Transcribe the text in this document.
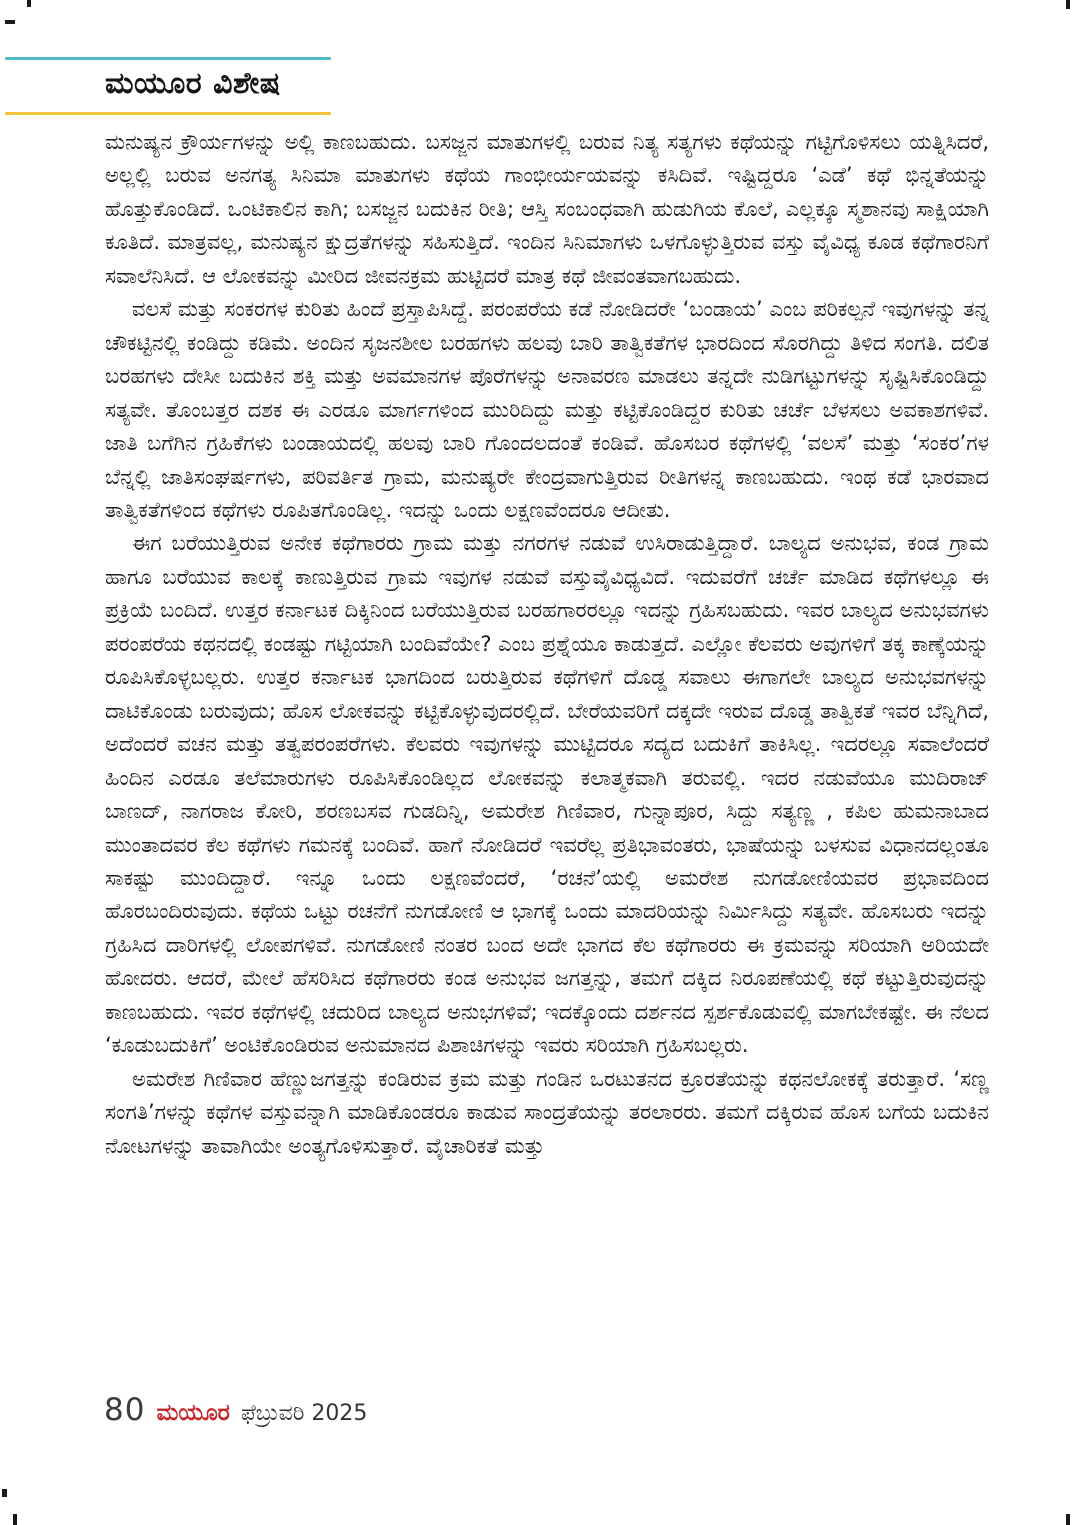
ಮಯೂರ ವಿಶೇಷ

ಮನುಷ್ಯನ ಕ್ರೌರ್ಯಗಳನ್ನು ಅಲ್ಲಿ ಕಾಣಬಹುದು. ಬಸಜ್ಜನ ಮಾತುಗಳಲ್ಲಿ ಬರುವ ನಿತ್ಯ ಸತ್ಯಗಳು ಕಥೆಯನ್ನು ಗಟ್ಟಿಗೊಳಿಸಲು ಯತ್ನಿಸಿದರೆ, ಅಲ್ಲಲ್ಲಿ ಬರುವ ಅನಗತ್ಯ ಸಿನಿಮಾ ಮಾತುಗಳು ಕಥೆಯ ಗಾಂಭೀರ್ಯಯವನ್ನು ಕಸಿದಿವೆ. ಇಷ್ಟಿದ್ದರೂ ‘ಎಡೆ’ ಕಥೆ ಭಿನ್ನತೆಯನ್ನು ಹೊತ್ತುಕೊಂಡಿದೆ. ಒಂಟಿಕಾಲಿನ ಕಾಗಿ; ಬಸಜ್ಜನ ಬದುಕಿನ ರೀತಿ; ಆಸ್ತಿ ಸಂಬಂಧವಾಗಿ ಹುಡುಗಿಯ ಕೊಲೆ, ಎಲ್ಲಕ್ಕೂ ಸ್ಮಶಾನವು ಸಾಕ್ಷಿಯಾಗಿ ಕೂತಿದೆ. ಮಾತ್ರವಲ್ಲ, ಮನುಷ್ಯನ ಕ್ಷುದ್ರತೆಗಳನ್ನು ಸಹಿಸುತ್ತಿದೆ. ಇಂದಿನ ಸಿನಿಮಾಗಳು ಒಳಗೊಳ್ಳುತ್ತಿರುವ ವಸ್ತು ವೈವಿಧ್ಯ ಕೂಡ ಕಥೆಗಾರನಿಗೆ ಸವಾಲೆನಿಸಿದೆ. ಆ ಲೋಕವನ್ನು ಮೀರಿದ ಜೀವನಕ್ರಮ ಹುಟ್ಟಿದರೆ ಮಾತ್ರ ಕಥೆ ಜೀವಂತವಾಗಬಹುದು.

ವಲಸೆ ಮತ್ತು ಸಂಕರಗಳ ಕುರಿತು ಹಿಂದೆ ಪ್ರಸ್ತಾಪಿಸಿದ್ದೆ. ಪರಂಪರೆಯ ಕಡೆ ನೋಡಿದರೇ ‘ಬಂಡಾಯ’ ಎಂಬ ಪರಿಕಲ್ಪನೆ ಇವುಗಳನ್ನು ತನ್ನ ಚೌಕಟ್ಟಿನಲ್ಲಿ ಕಂಡಿದ್ದು ಕಡಿಮೆ. ಅಂದಿನ ಸೃಜನಶೀಲ ಬರಹಗಳು ಹಲವು ಬಾರಿ ತಾತ್ವಿಕತೆಗಳ ಭಾರದಿಂದ ಸೊರಗಿದ್ದು ತಿಳಿದ ಸಂಗತಿ. ದಲಿತ ಬರಹಗಳು ದೇಸೀ ಬದುಕಿನ ಶಕ್ತಿ ಮತ್ತು ಅವಮಾನಗಳ ಪೊರೆಗಳನ್ನು ಅನಾವರಣ ಮಾಡಲು ತನ್ನದೇ ನುಡಿಗಟ್ಟುಗಳನ್ನು ಸೃಷ್ಟಿಸಿಕೊಂಡಿದ್ದು ಸತ್ಯವೇ. ತೊಂಬತ್ತರ ದಶಕ ಈ ಎರಡೂ ಮಾರ್ಗಗಳಿಂದ ಮುರಿದಿದ್ದು ಮತ್ತು ಕಟ್ಟಿಕೊಂಡಿದ್ದರ ಕುರಿತು ಚರ್ಚೆ ಬೆಳಸಲು ಅವಕಾಶಗಳಿವೆ. ಜಾತಿ ಬಗೆಗಿನ ಗ್ರಹಿಕೆಗಳು ಬಂಡಾಯದಲ್ಲಿ ಹಲವು ಬಾರಿ ಗೊಂದಲದಂತೆ ಕಂಡಿವೆ. ಹೊಸಬರ ಕಥೆಗಳಲ್ಲಿ ‘ವಲಸೆ’ ಮತ್ತು ‘ಸಂಕರ’ಗಳ ಬೆನ್ನಲ್ಲಿ ಜಾತಿಸಂಘರ್ಷಗಳು, ಪರಿವರ್ತಿತ ಗ್ರಾಮ, ಮನುಷ್ಯರೇ ಕೇಂದ್ರವಾಗುತ್ತಿರುವ ರೀತಿಗಳನ್ನ ಕಾಣಬಹುದು. ಇಂಥ ಕಡೆ ಭಾರವಾದ ತಾತ್ವಿಕತೆಗಳಿಂದ ಕಥೆಗಳು ರೂಪಿತಗೊಂಡಿಲ್ಲ. ಇದನ್ನು ಒಂದು ಲಕ್ಷಣವೆಂದರೂ ಆದೀತು.

ಈಗ ಬರೆಯುತ್ತಿರುವ ಅನೇಕ ಕಥೆಗಾರರು ಗ್ರಾಮ ಮತ್ತು ನಗರಗಳ ನಡುವೆ ಉಸಿರಾಡುತ್ತಿದ್ದಾರೆ. ಬಾಲ್ಯದ ಅನುಭವ, ಕಂಡ ಗ್ರಾಮ ಹಾಗೂ ಬರೆಯುವ ಕಾಲಕ್ಕೆ ಕಾಣುತ್ತಿರುವ ಗ್ರಾಮ ಇವುಗಳ ನಡುವೆ ವಸ್ತುವೈವಿಧ್ಯವಿದೆ. ಇದುವರೆಗೆ ಚರ್ಚೆ ಮಾಡಿದ ಕಥೆಗಳಲ್ಲೂ ಈ ಪ್ರಕ್ರಿಯೆ ಬಂದಿದೆ. ಉತ್ತರ ಕರ್ನಾಟಕ ದಿಕ್ಕಿನಿಂದ ಬರೆಯುತ್ತಿರುವ ಬರಹಗಾರರಲ್ಲೂ ಇದನ್ನು ಗ್ರಹಿಸಬಹುದು. ಇವರ ಬಾಲ್ಯದ ಅನುಭವಗಳು ಪರಂಪರೆಯ ಕಥನದಲ್ಲಿ ಕಂಡಷ್ಟು ಗಟ್ಟಿಯಾಗಿ ಬಂದಿವೆಯೇ? ಎಂಬ ಪ್ರಶ್ನೆಯೂ ಕಾಡುತ್ತದೆ. ಎಲ್ಲೋ ಕೆಲವರು ಅವುಗಳಿಗೆ ತಕ್ಕ ಕಾಣ್ಕೆಯನ್ನು ರೂಪಿಸಿಕೊಳ್ಳಬಲ್ಲರು. ಉತ್ತರ ಕರ್ನಾಟಕ ಭಾಗದಿಂದ ಬರುತ್ತಿರುವ ಕಥೆಗಳಿಗೆ ದೊಡ್ಡ ಸವಾಲು ಈಗಾಗಲೇ ಬಾಲ್ಯದ ಅನುಭವಗಳನ್ನು ದಾಟಿಕೊಂಡು ಬರುವುದು; ಹೊಸ ಲೋಕವನ್ನು ಕಟ್ಟಿಕೊಳ್ಳುವುದರಲ್ಲಿದೆ. ಬೇರೆಯವರಿಗೆ ದಕ್ಕದೇ ಇರುವ ದೊಡ್ಡ ತಾತ್ವಿಕತೆ ಇವರ ಬೆನ್ನಿಗಿದೆ, ಅದೆಂದರೆ ವಚನ ಮತ್ತು ತತ್ವಪರಂಪರೆಗಳು. ಕೆಲವರು ಇವುಗಳನ್ನು ಮುಟ್ಟಿದರೂ ಸದ್ಯದ ಬದುಕಿಗೆ ತಾಕಿಸಿಲ್ಲ. ಇದರಲ್ಲೂ ಸವಾಲೆಂದರೆ ಹಿಂದಿನ ಎರಡೂ ತಲೆಮಾರುಗಳು ರೂಪಿಸಿಕೊಂಡಿಲ್ಲದ ಲೋಕವನ್ನು ಕಲಾತ್ಮಕವಾಗಿ ತರುವಲ್ಲಿ. ಇದರ ನಡುವೆಯೂ ಮುದಿರಾಜ್ ಬಾಣದ್, ನಾಗರಾಜ ಕೋರಿ, ಶರಣಬಸವ ಗುಡದಿನ್ನಿ, ಅಮರೇಶ ಗಿಣಿವಾರ, ಗುನ್ನಾಪೂರ, ಸಿದ್ದು ಸತ್ಯಣ್ಣ , ಕಪಿಲ ಹುಮನಾಬಾದ ಮುಂತಾದವರ ಕೆಲ ಕಥೆಗಳು ಗಮನಕ್ಕೆ ಬಂದಿವೆ. ಹಾಗೆ ನೋಡಿದರೆ ಇವರೆಲ್ಲ ಪ್ರತಿಭಾವಂತರು, ಭಾಷೆಯನ್ನು ಬಳಸುವ ವಿಧಾನದಲ್ಲಂತೂ ಸಾಕಷ್ಟು ಮುಂದಿದ್ದಾರೆ. ಇನ್ನೂ ಒಂದು ಲಕ್ಷಣವೆಂದರೆ, ‘ರಚನೆ’ಯಲ್ಲಿ ಅಮರೇಶ ನುಗಡೋಣಿಯವರ ಪ್ರಭಾವದಿಂದ ಹೊರಬಂದಿರುವುದು. ಕಥೆಯ ಒಟ್ಟು ರಚನೆಗೆ ನುಗಡೋಣಿ ಆ ಭಾಗಕ್ಕೆ ಒಂದು ಮಾದರಿಯನ್ನು ನಿರ್ಮಿಸಿದ್ದು ಸತ್ಯವೇ. ಹೊಸಬರು ಇದನ್ನು ಗ್ರಹಿಸಿದ ದಾರಿಗಳಲ್ಲಿ ಲೋಪಗಳಿವೆ. ನುಗಡೋಣಿ ನಂತರ ಬಂದ ಅದೇ ಭಾಗದ ಕೆಲ ಕಥೆಗಾರರು ಈ ಕ್ರಮವನ್ನು ಸರಿಯಾಗಿ ಅರಿಯದೇ ಹೋದರು. ಆದರೆ, ಮೇಲೆ ಹೆಸರಿಸಿದ ಕಥೆಗಾರರು ಕಂಡ ಅನುಭವ ಜಗತ್ತನ್ನು, ತಮಗೆ ದಕ್ಕಿದ ನಿರೂಪಣೆಯಲ್ಲಿ ಕಥೆ ಕಟ್ಟುತ್ತಿರುವುದನ್ನು ಕಾಣಬಹುದು. ಇವರ ಕಥೆಗಳಲ್ಲಿ ಚದುರಿದ ಬಾಲ್ಯದ ಅನುಭಗಳಿವೆ; ಇದಕ್ಕೊಂದು ದರ್ಶನದ ಸ್ಪರ್ಶಕೊಡುವಲ್ಲಿ ಮಾಗಬೇಕಷ್ಟೇ. ಈ ನೆಲದ ‘ಕೂಡುಬದುಕಿಗೆ’ ಅಂಟಿಕೊಂಡಿರುವ ಅನುಮಾನದ ಪಿಶಾಚಿಗಳನ್ನು ಇವರು ಸರಿಯಾಗಿ ಗ್ರಹಿಸಬಲ್ಲರು.

ಅಮರೇಶ ಗಿಣಿವಾರ ಹೆಣ್ಣುಜಗತ್ತನ್ನು ಕಂಡಿರುವ ಕ್ರಮ ಮತ್ತು ಗಂಡಿನ ಒರಟುತನದ ಕ್ರೂರತೆಯನ್ನು ಕಥನಲೋಕಕ್ಕೆ ತರುತ್ತಾರೆ. ‘ಸಣ್ಣ ಸಂಗತಿ’ಗಳನ್ನು ಕಥೆಗಳ ವಸ್ತುವನ್ನಾಗಿ ಮಾಡಿಕೊಂಡರೂ ಕಾಡುವ ಸಾಂದ್ರತೆಯನ್ನು ತರಲಾರರು. ತಮಗೆ ದಕ್ಕಿರುವ ಹೊಸ ಬಗೆಯ ಬದುಕಿನ ನೋಟಗಳನ್ನು ತಾವಾಗಿಯೇ ಅಂತ್ಯಗೊಳಿಸುತ್ತಾರೆ. ವೈಚಾರಿಕತೆ ಮತ್ತು

80 ಮಯೂರ ಫೆಬ್ರುವರಿ 2025
